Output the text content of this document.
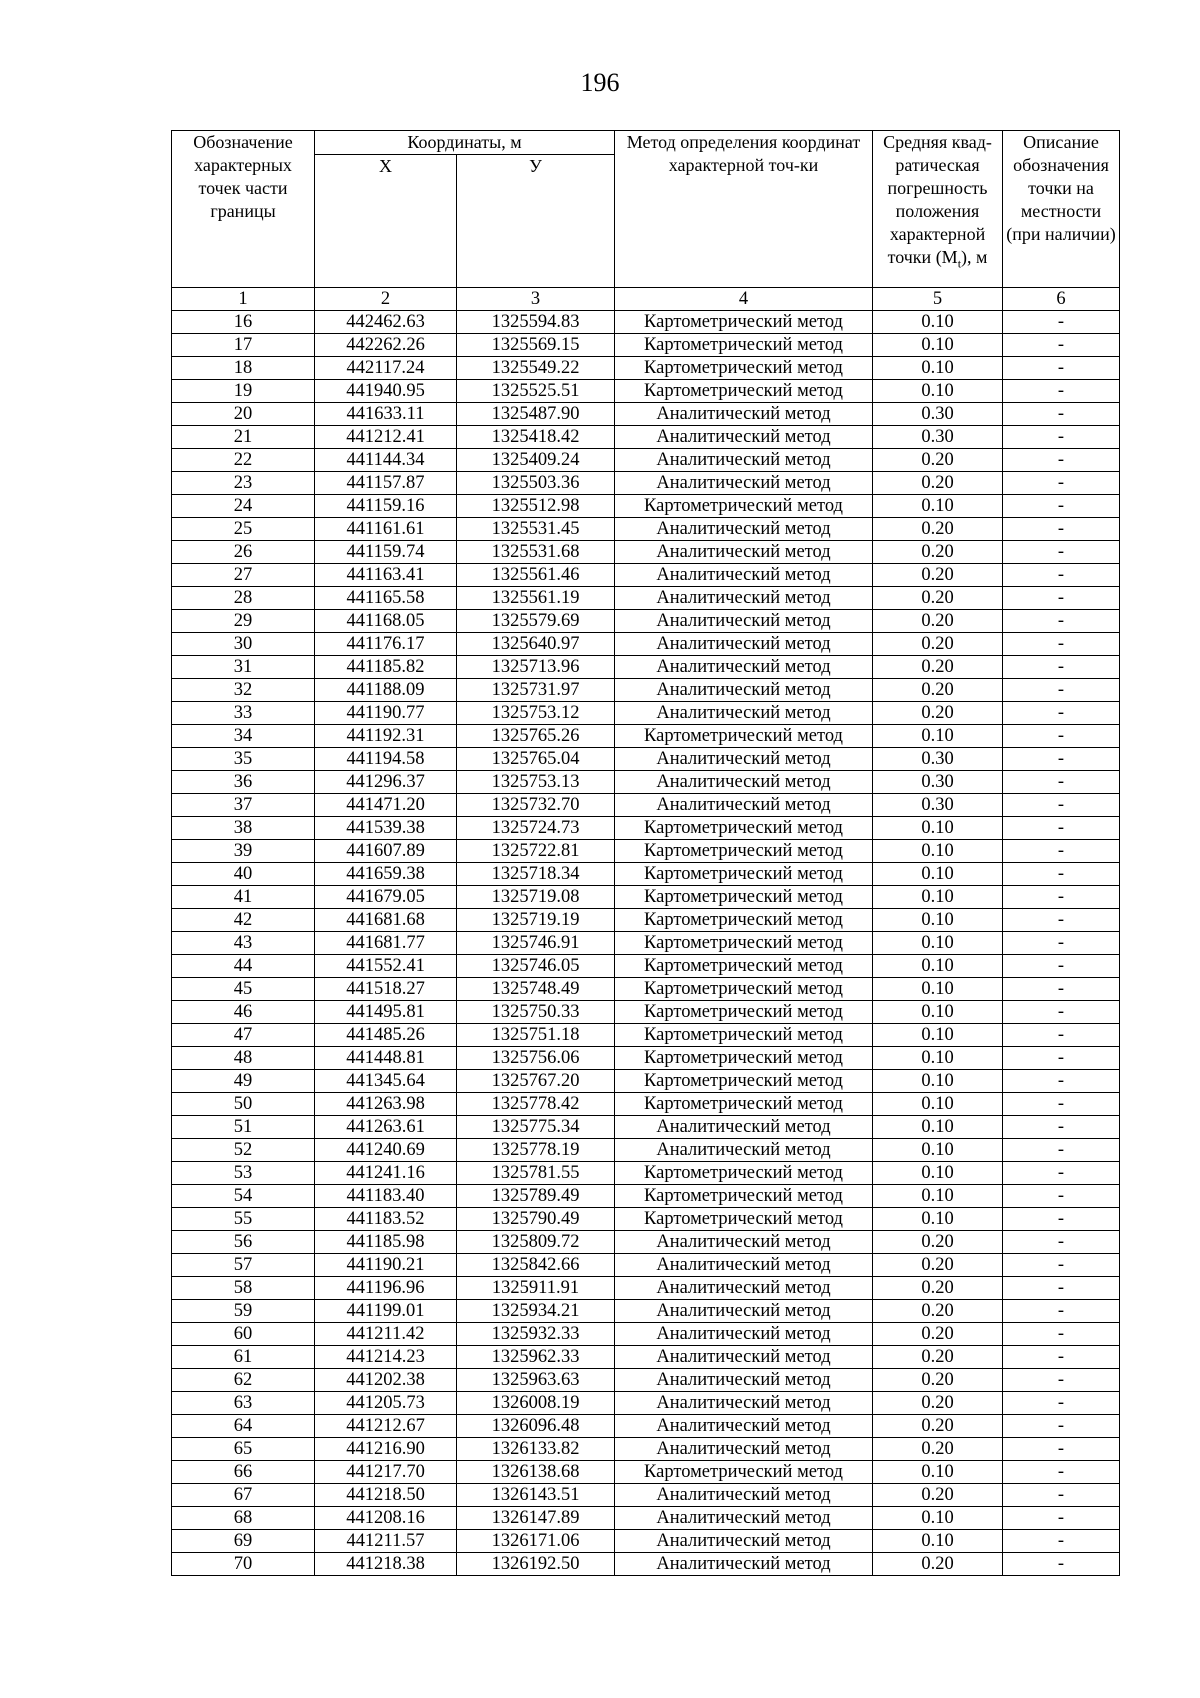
196
Обозначение характерных точек части границы	Координаты, м		Метод определения координат характерной точ-ки	Средняя квад-ратическая погрешность положения характерной точки $(M_t)$, м	Описание обозначения точки на местности (при наличии)
	Х	У			
1	2	3	4	5	6
16	442462.63	1325594.83	Картометрический метод	0.10	-
17	442262.26	1325569.15	Картометрический метод	0.10	-
18	442117.24	1325549.22	Картометрический метод	0.10	-
19	441940.95	1325525.51	Картометрический метод	0.10	-
20	441633.11	1325487.90	Аналитический метод	0.30	-
21	441212.41	1325418.42	Аналитический метод	0.30	-
22	441144.34	1325409.24	Аналитический метод	0.20	-
23	441157.87	1325503.36	Аналитический метод	0.20	-
24	441159.16	1325512.98	Картометрический метод	0.10	-
25	441161.61	1325531.45	Аналитический метод	0.20	-
26	441159.74	1325531.68	Аналитический метод	0.20	-
27	441163.41	1325561.46	Аналитический метод	0.20	-
28	441165.58	1325561.19	Аналитический метод	0.20	-
29	441168.05	1325579.69	Аналитический метод	0.20	-
30	441176.17	1325640.97	Аналитический метод	0.20	-
31	441185.82	1325713.96	Аналитический метод	0.20	-
32	441188.09	1325731.97	Аналитический метод	0.20	-
33	441190.77	1325753.12	Аналитический метод	0.20	-
34	441192.31	1325765.26	Картометрический метод	0.10	-
35	441194.58	1325765.04	Аналитический метод	0.30	-
36	441296.37	1325753.13	Аналитический метод	0.30	-
37	441471.20	1325732.70	Аналитический метод	0.30	-
38	441539.38	1325724.73	Картометрический метод	0.10	-
39	441607.89	1325722.81	Картометрический метод	0.10	-
40	441659.38	1325718.34	Картометрический метод	0.10	-
41	441679.05	1325719.08	Картометрический метод	0.10	-
42	441681.68	1325719.19	Картометрический метод	0.10	-
43	441681.77	1325746.91	Картометрический метод	0.10	-
44	441552.41	1325746.05	Картометрический метод	0.10	-
45	441518.27	1325748.49	Картометрический метод	0.10	-
46	441495.81	1325750.33	Картометрический метод	0.10	-
47	441485.26	1325751.18	Картометрический метод	0.10	-
48	441448.81	1325756.06	Картометрический метод	0.10	-
49	441345.64	1325767.20	Картометрический метод	0.10	-
50	441263.98	1325778.42	Картометрический метод	0.10	-
51	441263.61	1325775.34	Аналитический метод	0.10	-
52	441240.69	1325778.19	Аналитический метод	0.10	-
53	441241.16	1325781.55	Картометрический метод	0.10	-
54	441183.40	1325789.49	Картометрический метод	0.10	-
55	441183.52	1325790.49	Картометрический метод	0.10	-
56	441185.98	1325809.72	Аналитический метод	0.20	-
57	441190.21	1325842.66	Аналитический метод	0.20	-
58	441196.96	1325911.91	Аналитический метод	0.20	-
59	441199.01	1325934.21	Аналитический метод	0.20	-
60	441211.42	1325932.33	Аналитический метод	0.20	-
61	441214.23	1325962.33	Аналитический метод	0.20	-
62	441202.38	1325963.63	Аналитический метод	0.20	-
63	441205.73	1326008.19	Аналитический метод	0.20	-
64	441212.67	1326096.48	Аналитический метод	0.20	-
65	441216.90	1326133.82	Аналитический метод	0.20	-
66	441217.70	1326138.68	Картометрический метод	0.10	-
67	441218.50	1326143.51	Аналитический метод	0.20	-
68	441208.16	1326147.89	Аналитический метод	0.10	-
69	441211.57	1326171.06	Аналитический метод	0.10	-
70	441218.38	1326192.50	Аналитический метод	0.20	-
